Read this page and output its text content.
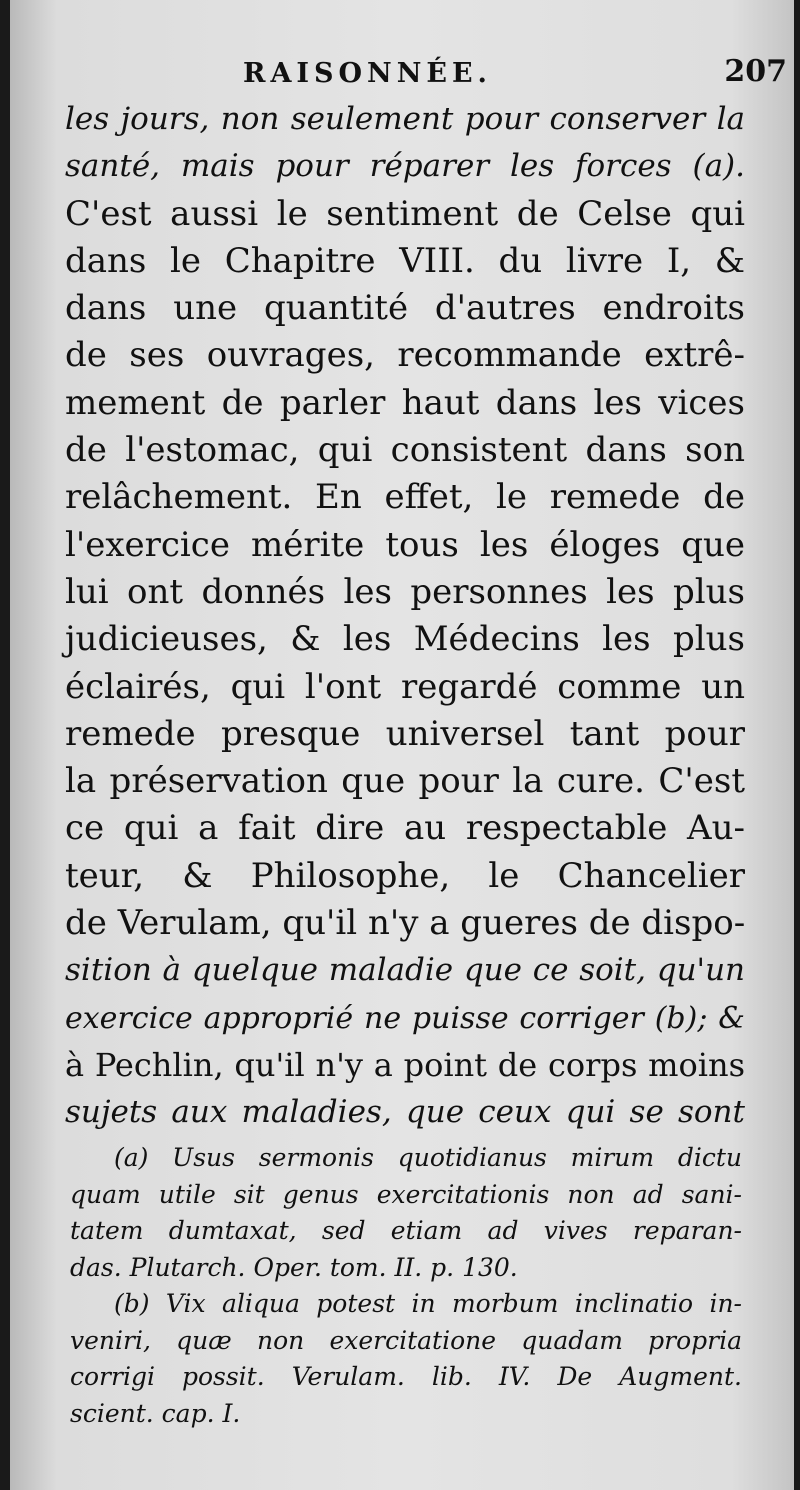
RAISONNÉE.	207
les jours, non seulement pour conserver la
santé, mais pour réparer les forces (a).
C'est aussi le sentiment de Celse qui
dans le Chapitre VIII. du livre I, &
dans une quantité d'autres endroits
de ses ouvrages, recommande extrê-
mement de parler haut dans les vices
de l'estomac, qui consistent dans son
relâchement. En effet, le remede de
l'exercice mérite tous les éloges que
lui ont donnés les personnes les plus
judicieuses, & les Médecins les plus
éclairés, qui l'ont regardé comme un
remede presque universel tant pour
la préservation que pour la cure. C'est
ce qui a fait dire au respectable Au-
teur, & Philosophe, le Chancelier
de Verulam, qu'il n'y a gueres de dispo-
sition à quelque maladie que ce soit, qu'un
exercice approprié ne puisse corriger (b); &
à Pechlin, qu'il n'y a point de corps moins
sujets aux maladies, que ceux qui se sont
(a) Usus sermonis quotidianus mirum dictu
quam utile sit genus exercitationis non ad sani-
tatem dumtaxat, sed etiam ad vives reparan-
das. Plutarch. Oper. tom. II. p. 130.
(b) Vix aliqua potest in morbum inclinatio in-
veniri, quæ non exercitatione quadam propria
corrigi possit. Verulam. lib. IV. De Augment.
scient. cap. I.
